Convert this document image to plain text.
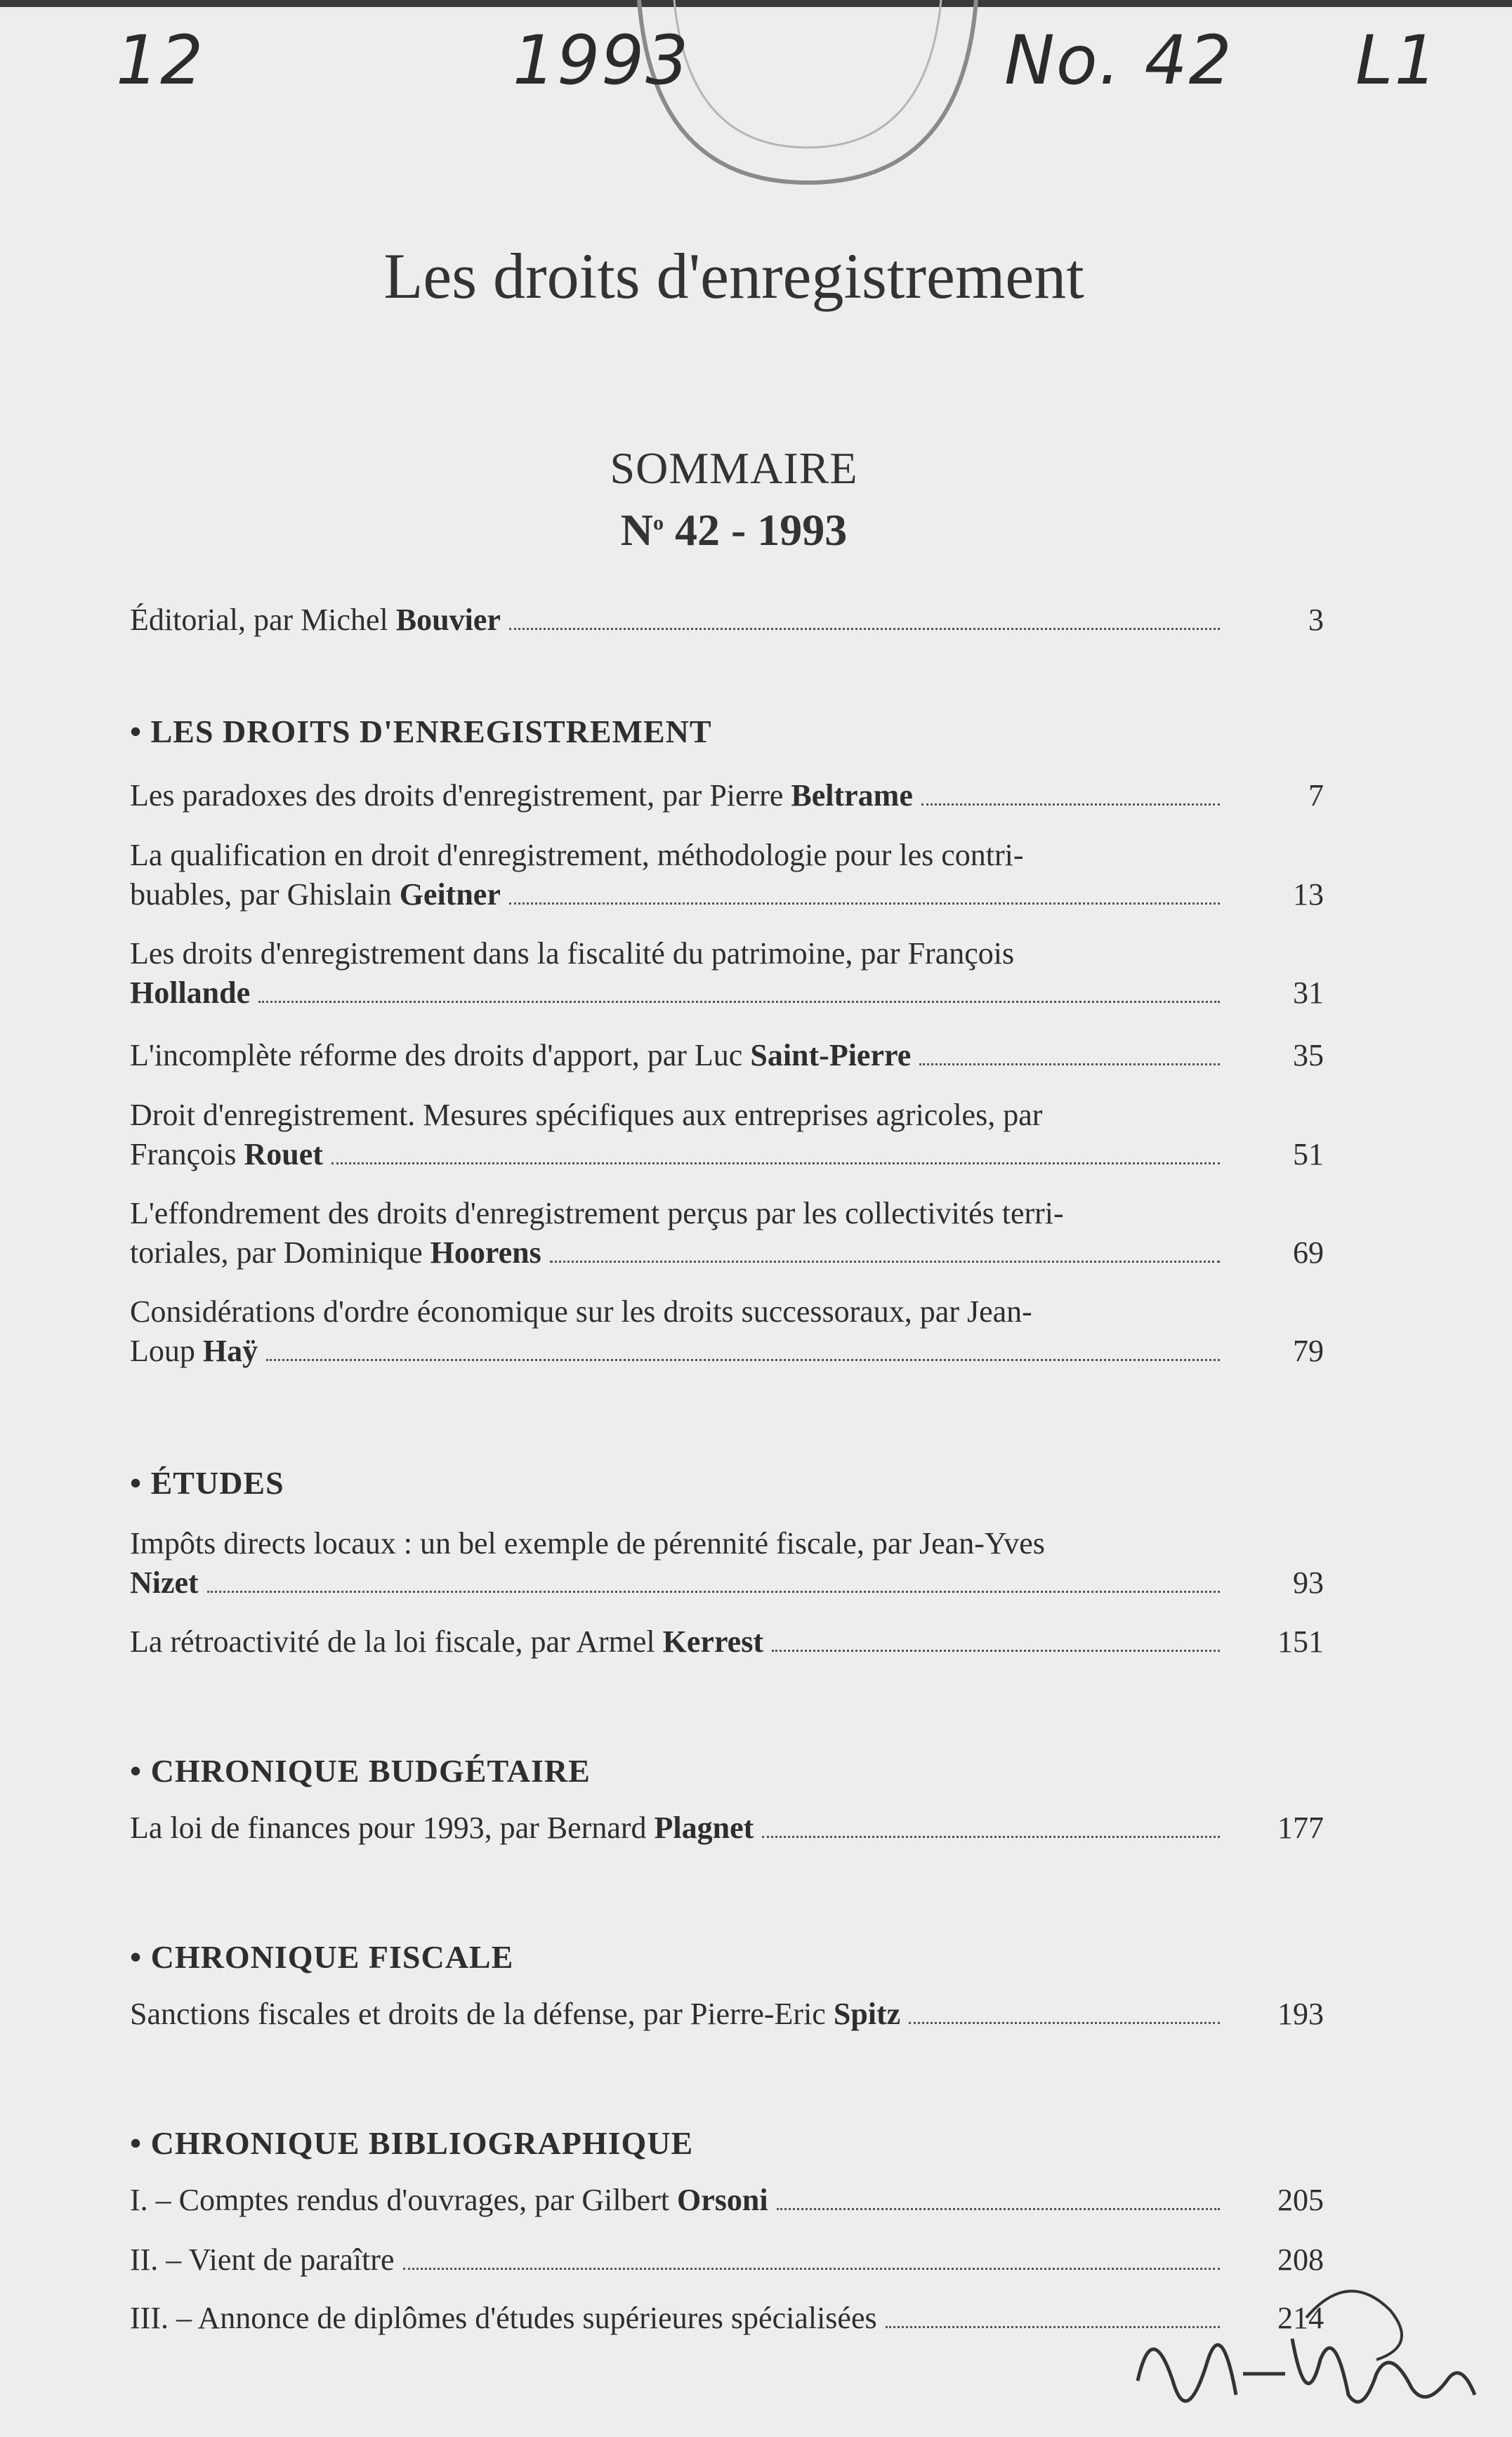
12	1993	No. 42 L1
Les droits d'enregistrement
SOMMAIRE
$N^o$ 42 - 1993
Éditorial, par Michel Bouvier	3
• LES DROITS D'ENREGISTREMENT
Les paradoxes des droits d'enregistrement, par Pierre Beltrame	7
La qualification en droit d'enregistrement, méthodologie pour les contri-
buables, par Ghislain Geitner	13
Les droits d'enregistrement dans la fiscalité du patrimoine, par François
Hollande	31
L'incomplète réforme des droits d'apport, par Luc Saint-Pierre	35
Droit d'enregistrement. Mesures spécifiques aux entreprises agricoles, par
François Rouet	51
L'effondrement des droits d'enregistrement perçus par les collectivités terri-
toriales, par Dominique Hoorens	69
Considérations d'ordre économique sur les droits successoraux, par Jean-
Loup Haÿ	79
• ÉTUDES
Impôts directs locaux : un bel exemple de pérennité fiscale, par Jean-Yves
Nizet	93
La rétroactivité de la loi fiscale, par Armel Kerrest	151
• CHRONIQUE BUDGÉTAIRE
La loi de finances pour 1993, par Bernard Plagnet	177
• CHRONIQUE FISCALE
Sanctions fiscales et droits de la défense, par Pierre-Eric Spitz	193
• CHRONIQUE BIBLIOGRAPHIQUE
I. – Comptes rendus d'ouvrages, par Gilbert Orsoni	205
II. – Vient de paraître	208
III. – Annonce de diplômes d'études supérieures spécialisées	214
